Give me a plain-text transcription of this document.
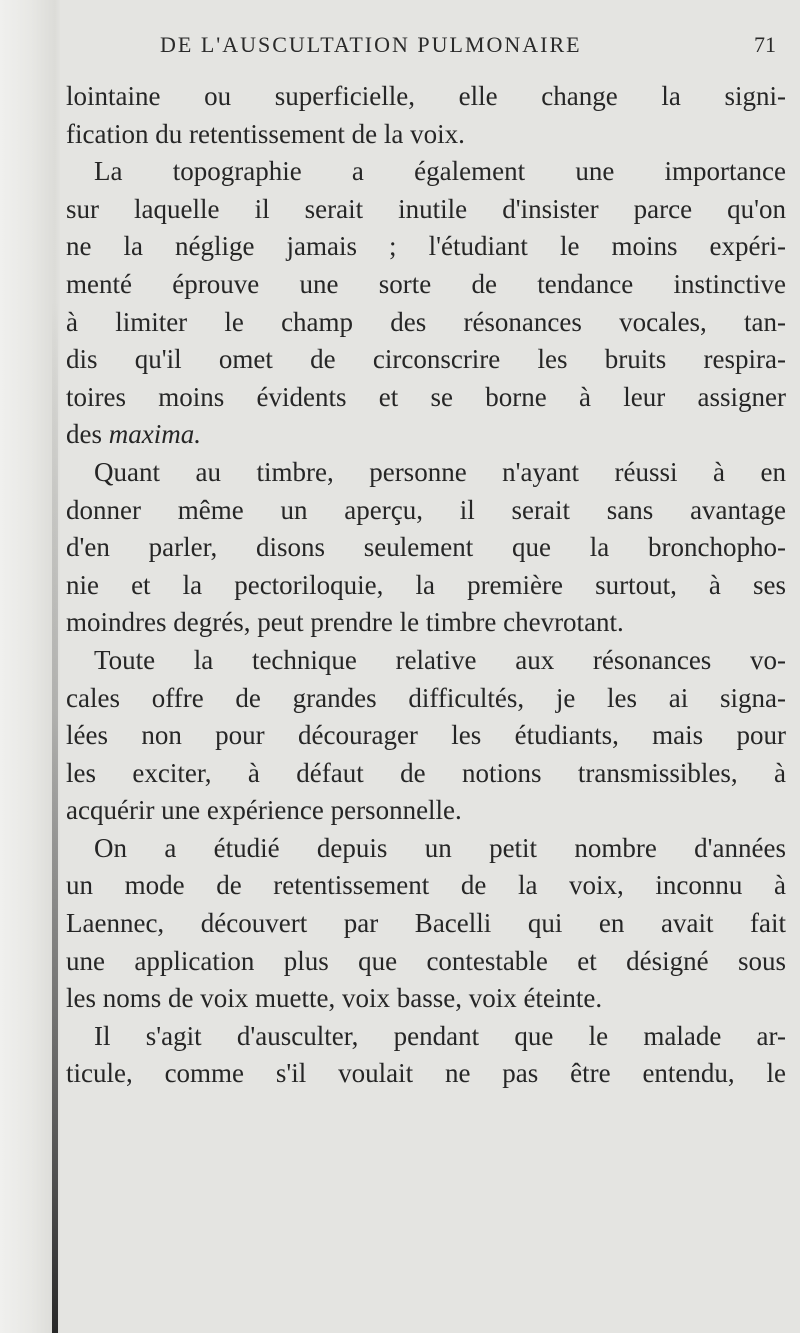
DE L'AUSCULTATION PULMONAIRE	71
lointaine ou superficielle, elle change la signi-
fication du retentissement de la voix.
La topographie a également une importance
sur laquelle il serait inutile d'insister parce qu'on
ne la néglige jamais ; l'étudiant le moins expéri-
menté éprouve une sorte de tendance instinctive
à limiter le champ des résonances vocales, tan-
dis qu'il omet de circonscrire les bruits respira-
toires moins évidents et se borne à leur assigner
des maxima.
Quant au timbre, personne n'ayant réussi à en
donner même un aperçu, il serait sans avantage
d'en parler, disons seulement que la bronchopho-
nie et la pectoriloquie, la première surtout, à ses
moindres degrés, peut prendre le timbre chevrotant.
Toute la technique relative aux résonances vo-
cales offre de grandes difficultés, je les ai signa-
lées non pour décourager les étudiants, mais pour
les exciter, à défaut de notions transmissibles, à
acquérir une expérience personnelle.
On a étudié depuis un petit nombre d'années
un mode de retentissement de la voix, inconnu à
Laennec, découvert par Bacelli qui en avait fait
une application plus que contestable et désigné sous
les noms de voix muette, voix basse, voix éteinte.
Il s'agit d'ausculter, pendant que le malade ar-
ticule, comme s'il voulait ne pas être entendu, le
